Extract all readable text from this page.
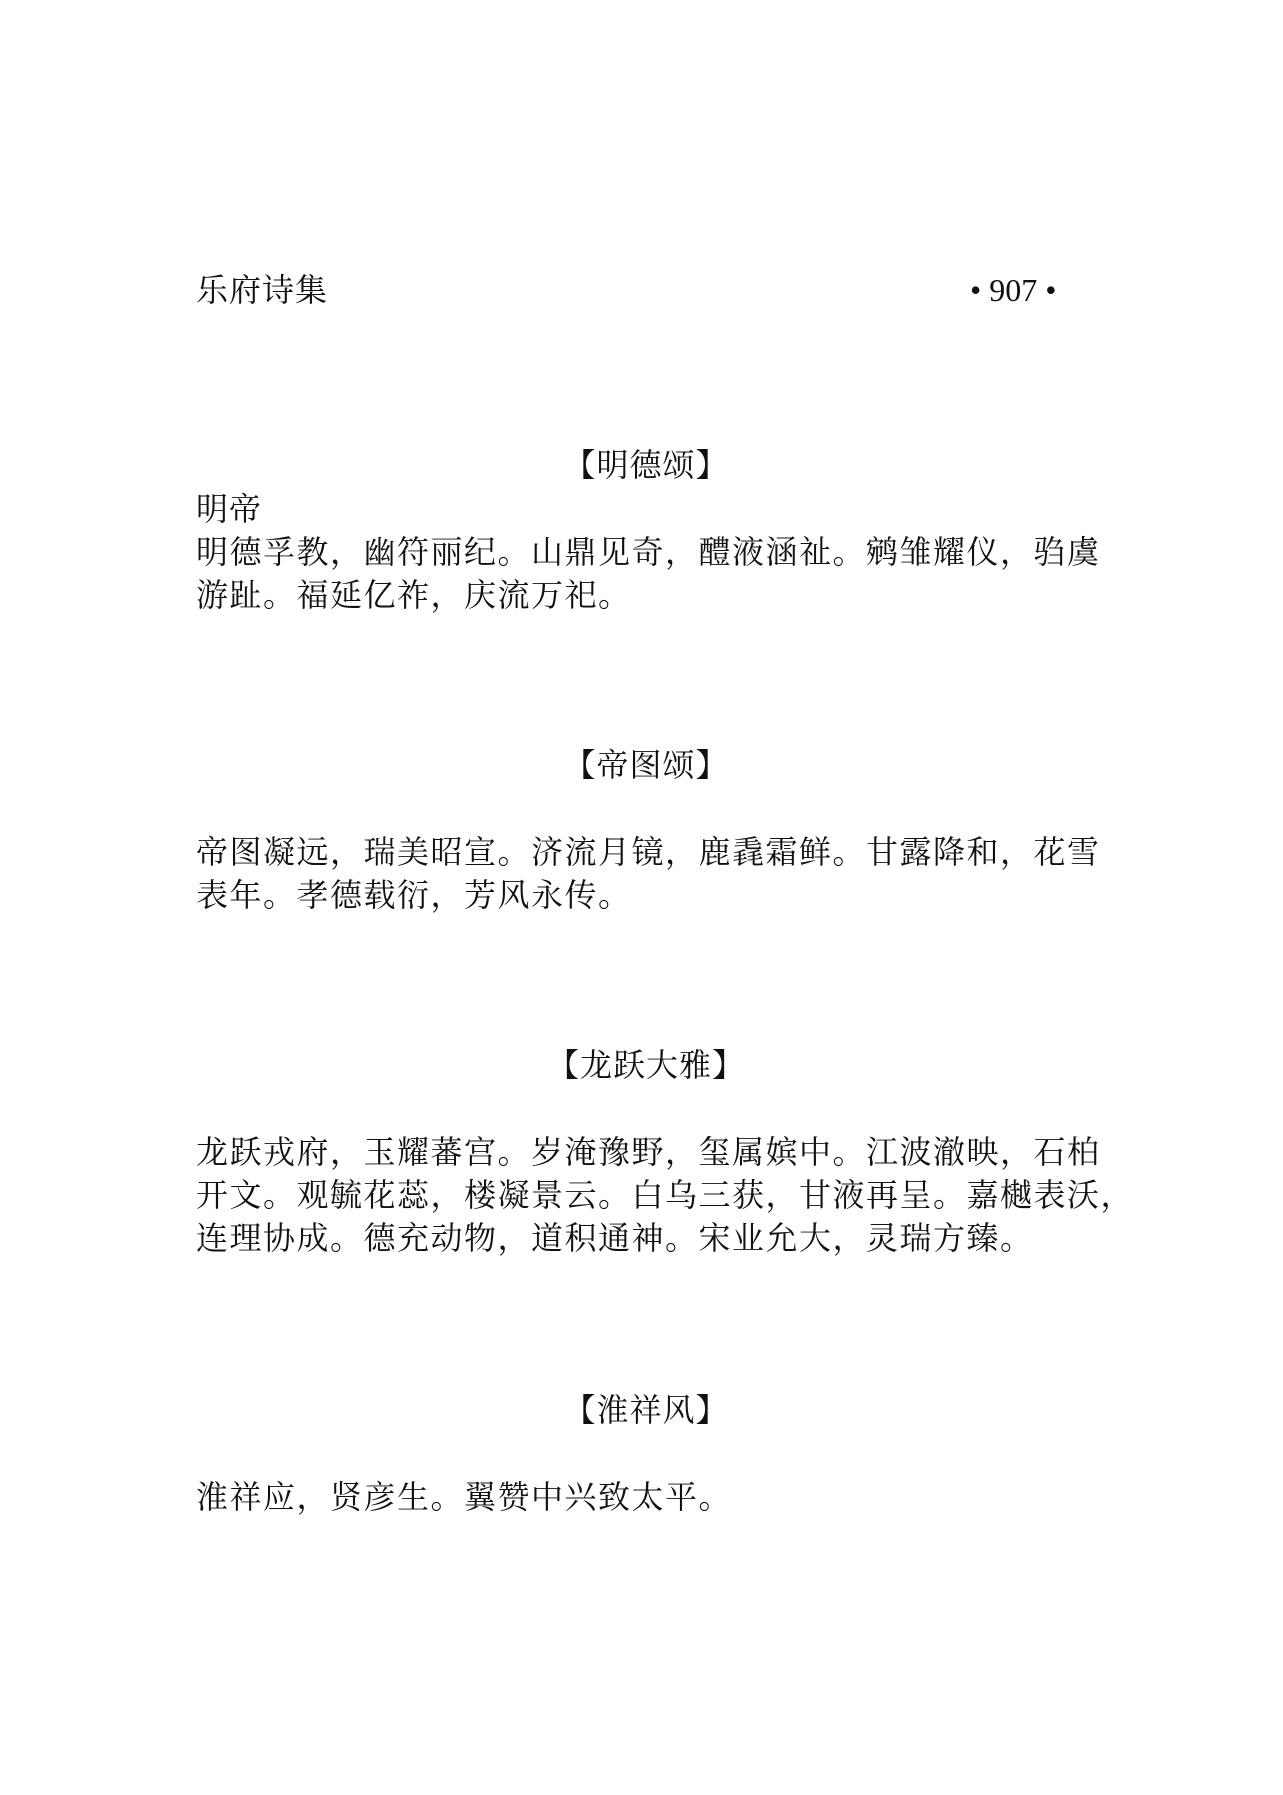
乐府诗集	• 907 •
【明德颂】
明帝
明德孚教，幽符丽纪。山鼎见奇，醴液涵祉。鹓雏耀仪，驺虞
游趾。福延亿祚，庆流万祀。
【帝图颂】
帝图凝远，瑞美昭宣。济流月镜，鹿毳霜鲜。甘露降和，花雪
表年。孝德载衍，芳风永传。
【龙跃大雅】
龙跃戎府，玉耀蕃宫。岁淹豫野，玺属嫔中。江波澈映，石柏
开文。观毓花蕊，楼凝景云。白乌三获，甘液再呈。嘉樾表沃，
连理协成。德充动物，道积通神。宋业允大，灵瑞方臻。
【淮祥风】
淮祥应，贤彦生。翼赞中兴致太平。
